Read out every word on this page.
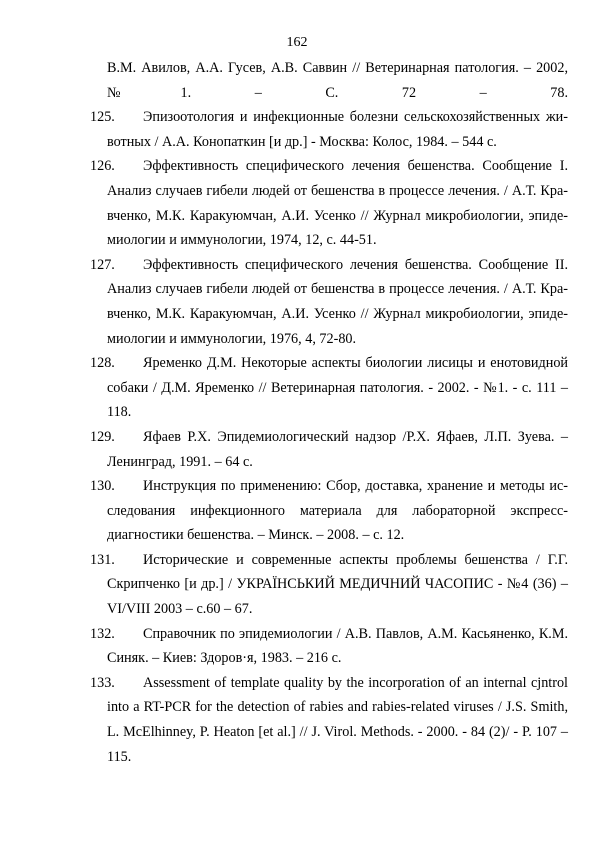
162
В.М. Авилов, А.А. Гусев, А.В. Саввин // Ветеринарная патология. – 2002,
№1. – С. 72 – 78.
125.	Эпизоотология и инфекционные болезни сельскохозяйственных жи-
вотных / А.А. Конопаткин [и др.] - Москва: Колос, 1984. – 544 с.
126.	Эффективность специфического лечения бешенства. Сообщение I.
Анализ случаев гибели людей от бешенства в процессе лечения. / А.Т. Кра-
вченко, М.К. Каракуюмчан, А.И. Усенко // Журнал микробиологии, эпиде-
миологии и иммунологии, 1974, 12, с. 44-51.
127.	Эффективность специфического лечения бешенства. Сообщение II.
Анализ случаев гибели людей от бешенства в процессе лечения. / А.Т. Кра-
вченко, М.К. Каракуюмчан, А.И. Усенко // Журнал микробиологии, эпиде-
миологии и иммунологии, 1976, 4, 72-80.
128.	Яременко Д.М. Некоторые аспекты биологии лисицы и енотовидной
собаки / Д.М. Яременко // Ветеринарная патология. - 2002. - №1. - с. 111 –
118.
129.	Яфаев Р.Х. Эпидемиологический надзор /Р.Х. Яфаев, Л.П. Зуева. –
Ленинград, 1991. – 64 с.
130.	Инструкция по применению: Сбор, доставка, хранение и методы ис-
следования инфекционного материала для лабораторной экспресс-
диагностики бешенства. – Минск. – 2008. – с. 12.
131.	Исторические и современные аспекты проблемы бешенства / Г.Г.
Скрипченко [и др.] / УКРАЇНСЬКИЙ МЕДИЧНИЙ ЧАСОПИС - №4 (36) –
VI/VIII 2003 – с.60 – 67.
132.	Справочник по эпидемиологии / А.В. Павлов, А.М. Касьяненко, К.М.
Синяк. – Киев: Здоров·я, 1983. – 216 с.
133.	Assessment of template quality by the incorporation of an internal cjntrol
into a RT-PCR for the detection of rabies and rabies-related viruses / J.S. Smith,
L. McElhinney, P. Heaton [et al.] // J. Virol. Methods. - 2000. - 84 (2)/ - P. 107 –
115.
